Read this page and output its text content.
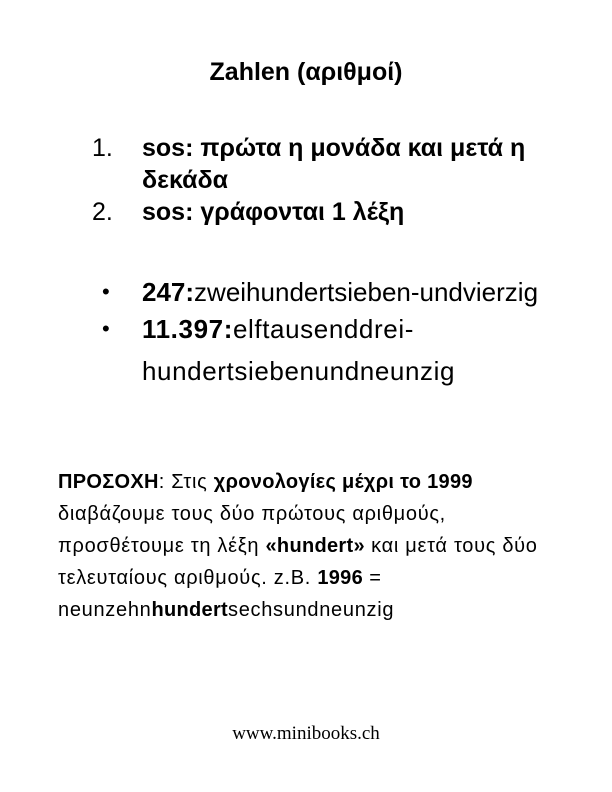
Zahlen (αριθμοί)
1.	sos: πρώτα η μονάδα και μετά η δεκάδα
2.	sos: γράφονται 1 λέξη
•	247:zweihundertsieben-undvierzig
•	11.397:elftausenddrei-hundertsiebenundneunzig
ΠΡΟΣΟΧΗ: Στις χρονολογίες μέχρι το 1999 διαβάζουμε τους δύο πρώτους αριθμούς, προσθέτουμε τη λέξη «hundert» και μετά τους δύο τελευταίους αριθμούς. z.B. 1996 = neunzehnhundertsechsundneunzig
www.minibooks.ch
